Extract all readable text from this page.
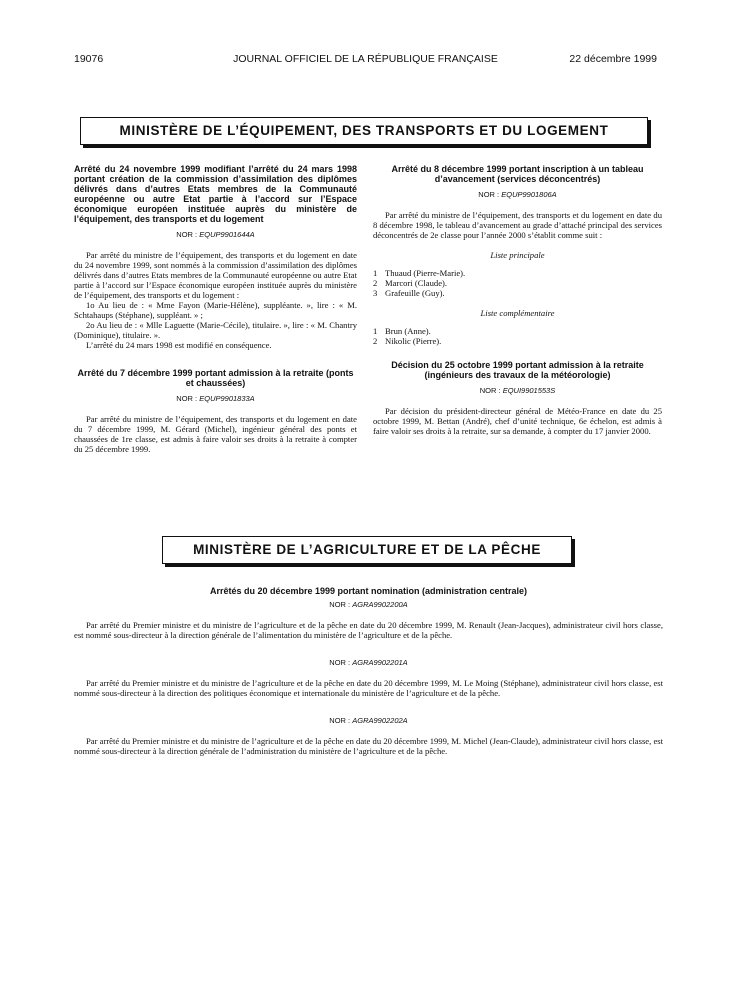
19076	JOURNAL OFFICIEL DE LA RÉPUBLIQUE FRANÇAISE	22 décembre 1999
MINISTÈRE DE L’ÉQUIPEMENT, DES TRANSPORTS ET DU LOGEMENT
Arrêté du 24 novembre 1999 modifiant l’arrêté du 24 mars 1998 portant création de la commission d’assimilation des diplômes délivrés dans d’autres Etats membres de la Communauté européenne ou autre Etat partie à l’accord sur l’Espace économique européen instituée auprès du ministère de l’équipement, des transports et du logement
NOR : EQUP9901644A

Par arrêté du ministre de l’équipement, des transports et du logement en date du 24 novembre 1999, sont nommés à la commission d’assimilation des diplômes délivrés dans d’autres Etats membres de la Communauté européenne ou autre Etat partie à l’accord sur l’Espace économique européen instituée auprès du ministère de l’équipement, des transports et du logement :

1o Au lieu de : « Mme Fayon (Marie-Hélène), suppléante. », lire : « M. Schtahaups (Stéphane), suppléant. » ;

2o Au lieu de : « Mlle Laguette (Marie-Cécile), titulaire. », lire : « M. Chantry (Dominique), titulaire. ».

L’arrêté du 24 mars 1998 est modifié en conséquence.

Arrêté du 7 décembre 1999 portant admission à la retraite (ponts et chaussées)
NOR : EQUP9901833A

Par arrêté du ministre de l’équipement, des transports et du logement en date du 7 décembre 1999, M. Gérard (Michel), ingénieur général des ponts et chaussées de 1re classe, est admis à faire valoir ses droits à la retraite à compter du 25 décembre 1999.

Arrêté du 8 décembre 1999 portant inscription à un tableau d’avancement (services déconcentrés)
NOR : EQUP9901806A

Par arrêté du ministre de l’équipement, des transports et du logement en date du 8 décembre 1998, le tableau d’avancement au grade d’attaché principal des services déconcentrés de 2e classe pour l’année 2000 s’établit comme suit :

Liste principale

1 Thuaud (Pierre-Marie).

2 Marcori (Claude).

3 Grafeuille (Guy).

Liste complémentaire

1 Brun (Anne).

2 Nikolic (Pierre).

Décision du 25 octobre 1999 portant admission à la retraite (ingénieurs des travaux de la météorologie)
NOR : EQUI9901553S

Par décision du président-directeur général de Météo-France en date du 25 octobre 1999, M. Bettan (André), chef d’unité technique, 6e échelon, est admis à faire valoir ses droits à la retraite, sur sa demande, à compter du 17 janvier 2000.

MINISTÈRE DE L’AGRICULTURE ET DE LA PÊCHE
Arrêtés du 20 décembre 1999 portant nomination (administration centrale)
NOR : AGRA9902200A

Par arrêté du Premier ministre et du ministre de l’agriculture et de la pêche en date du 20 décembre 1999, M. Renault (Jean-Jacques), administrateur civil hors classe, est nommé sous-directeur à la direction générale de l’alimentation du ministère de l’agriculture et de la pêche.

NOR : AGRA9902201A

Par arrêté du Premier ministre et du ministre de l’agriculture et de la pêche en date du 20 décembre 1999, M. Le Moing (Stéphane), administrateur civil hors classe, est nommé sous-directeur à la direction des politiques économique et internationale du ministère de l’agriculture et de la pêche.

NOR : AGRA9902202A

Par arrêté du Premier ministre et du ministre de l’agriculture et de la pêche en date du 20 décembre 1999, M. Michel (Jean-Claude), administrateur civil hors classe, est nommé sous-directeur à la direction générale de l’administration du ministère de l’agriculture et de la pêche.
